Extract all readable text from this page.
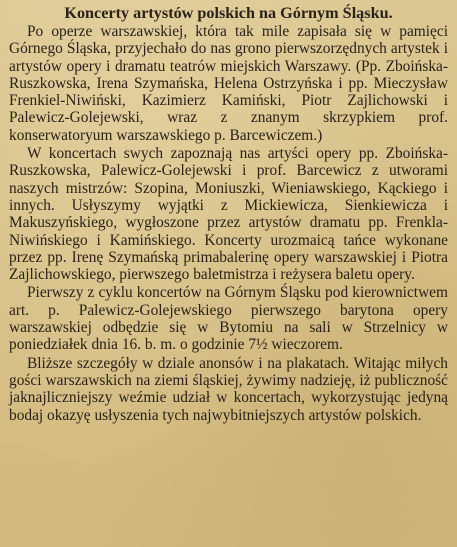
Koncerty artystów polskich na Górnym Śląsku.

Po operze warszawskiej, która tak mile zapisała się w pamięci Górnego Śląska, przyjechało do nas grono pierwszorzędnych artystek i artystów opery i dramatu teatrów miejskich Warszawy. (Pp. Zboińska-Ruszkowska, Irena Szymańska, Helena Ostrzyńska i pp. Mieczysław Frenkiel-Niwiński, Kazimierz Kamiński, Piotr Zajlichowski i Palewicz-Golejewski, wraz z znanym skrzypkiem prof. konserwatoryum warszawskiego p. Barcewiczem.)

W koncertach swych zapoznają nas artyści opery pp. Zboińska-Ruszkowska, Palewicz-Golejewski i prof. Barcewicz z utworami naszych mistrzów: Szopina, Moniuszki, Wieniawskiego, Kąckiego i innych. Usłyszymy wyjątki z Mickiewicza, Sienkiewicza i Makuszyńskiego, wygłoszone przez artystów dramatu pp. Frenkla-Niwińskiego i Kamińskiego. Koncerty urozmaicą tańce wykonane przez pp. Irenę Szymańską primabalerinę opery warszawskiej i Piotra Zajlichowskiego, pierwszego baletmistrza i reżysera baletu opery.

Pierwszy z cyklu koncertów na Górnym Śląsku pod kierownictwem art. p. Palewicz-Golejewskiego pierwszego barytona opery warszawskiej odbędzie się w Bytomiu na sali w Strzelnicy w poniedziałek dnia 16. b. m. o godzinie 7½ wieczorem.

Bliższe szczegóły w dziale anonsów i na plakatach. Witając miłych gości warszawskich na ziemi śląskiej, żywimy nadzieję, iż publiczność jaknajliczniejszy weźmie udział w koncertach, wykorzystując jedyną bodaj okazyę usłyszenia tych najwybitniejszych artystów polskich.
